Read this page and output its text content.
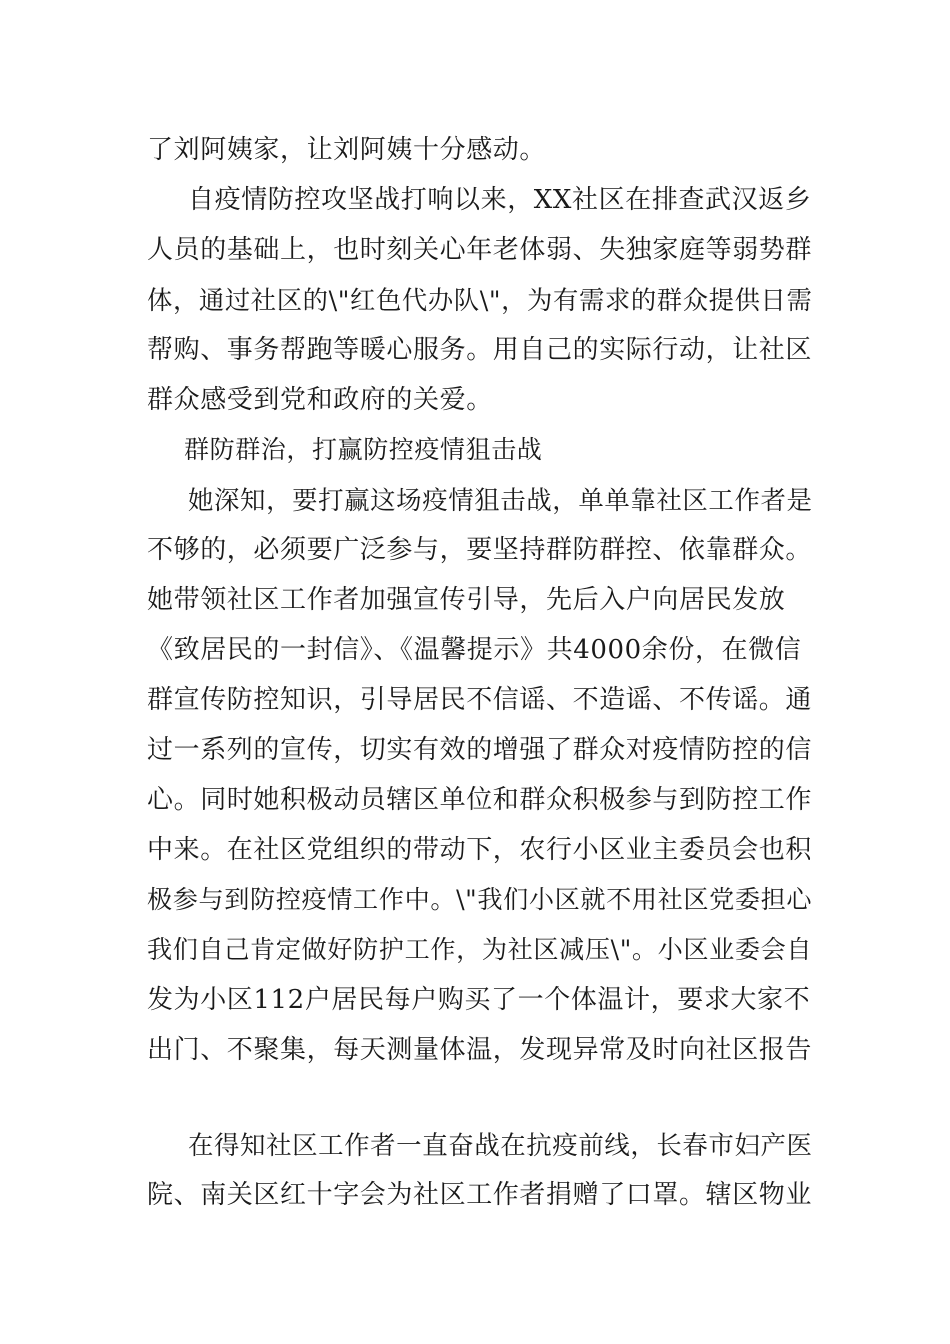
了刘阿姨家，让刘阿姨十分感动。

自疫情防控攻坚战打响以来，XX社区在排查武汉返乡

人员的基础上，也时刻关心年老体弱、失独家庭等弱势群

体，通过社区的\"红色代办队\"，为有需求的群众提供日需

帮购、事务帮跑等暖心服务。用自己的实际行动，让社区

群众感受到党和政府的关爱。

群防群治，打赢防控疫情狙击战

她深知，要打赢这场疫情狙击战，单单靠社区工作者是

不够的，必须要广泛参与，要坚持群防群控、依靠群众。

她带领社区工作者加强宣传引导，先后入户向居民发放

《致居民的一封信》、《温馨提示》共4000余份，在微信

群宣传防控知识，引导居民不信谣、不造谣、不传谣。通

过一系列的宣传，切实有效的增强了群众对疫情防控的信

心。同时她积极动员辖区单位和群众积极参与到防控工作

中来。在社区党组织的带动下，农行小区业主委员会也积

极参与到防控疫情工作中。\"我们小区就不用社区党委担心

我们自己肯定做好防护工作，为社区减压\"。小区业委会自

发为小区112户居民每户购买了一个体温计，要求大家不

出门、不聚集，每天测量体温，发现异常及时向社区报告

在得知社区工作者一直奋战在抗疫前线，长春市妇产医

院、南关区红十字会为社区工作者捐赠了口罩。辖区物业
